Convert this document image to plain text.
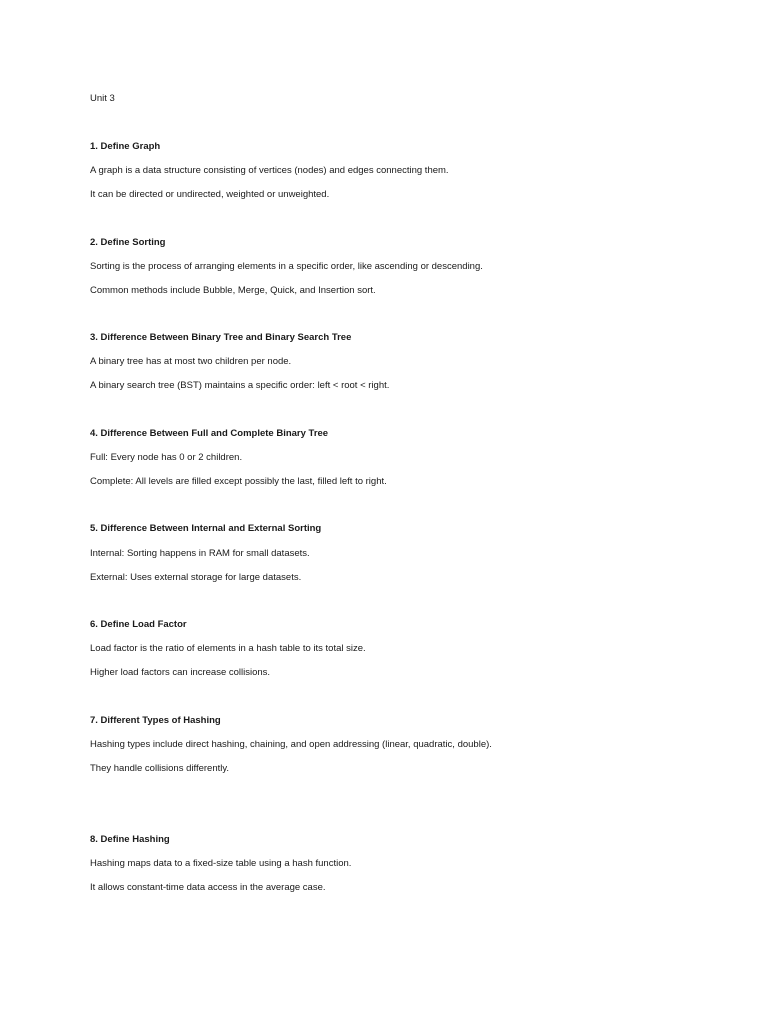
Unit 3
1. Define Graph
A graph is a data structure consisting of vertices (nodes) and edges connecting them.
It can be directed or undirected, weighted or unweighted.
2. Define Sorting
Sorting is the process of arranging elements in a specific order, like ascending or descending.
Common methods include Bubble, Merge, Quick, and Insertion sort.
3. Difference Between Binary Tree and Binary Search Tree
A binary tree has at most two children per node.
A binary search tree (BST) maintains a specific order: left < root < right.
4. Difference Between Full and Complete Binary Tree
Full: Every node has 0 or 2 children.
Complete: All levels are filled except possibly the last, filled left to right.
5. Difference Between Internal and External Sorting
Internal: Sorting happens in RAM for small datasets.
External: Uses external storage for large datasets.
6. Define Load Factor
Load factor is the ratio of elements in a hash table to its total size.
Higher load factors can increase collisions.
7. Different Types of Hashing
Hashing types include direct hashing, chaining, and open addressing (linear, quadratic, double).
They handle collisions differently.
8. Define Hashing
Hashing maps data to a fixed-size table using a hash function.
It allows constant-time data access in the average case.
